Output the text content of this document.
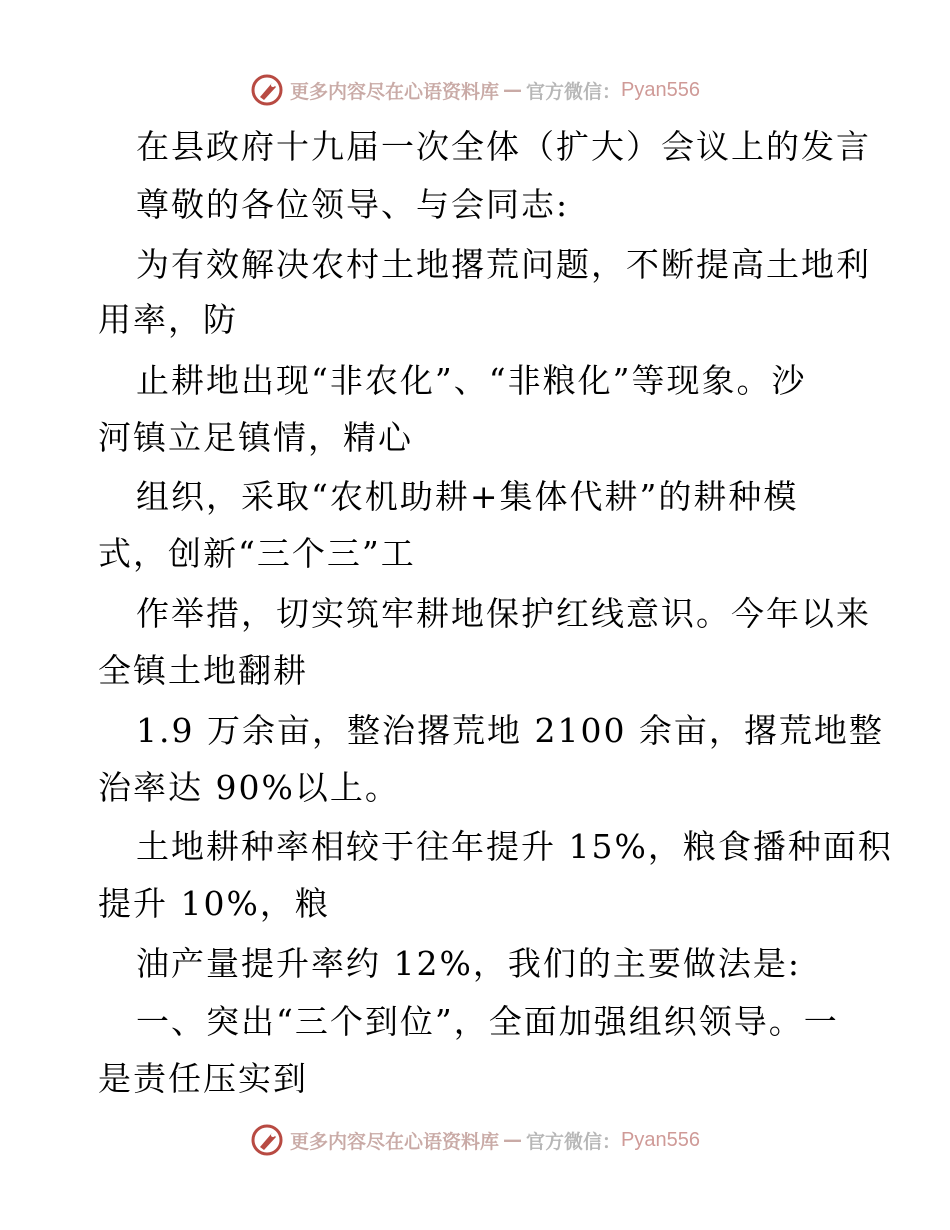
更多内容尽在心语资料库 — 官方微信： Pyan556
在县政府十九届一次全体（扩大）会议上的发言
尊敬的各位领导、与会同志:
为有效解决农村土地撂荒问题，不断提高土地利
用率，防
止耕地出现“非农化”、“非粮化”等现象。沙
河镇立足镇情，精心
组织，采取“农机助耕+集体代耕”的耕种模
式，创新“三个三”工
作举措，切实筑牢耕地保护红线意识。今年以来
全镇土地翻耕
1.9 万余亩，整治撂荒地 2100 余亩，撂荒地整
治率达 90%以上。
土地耕种率相较于往年提升 15%，粮食播种面积
提升 10%，粮
油产量提升率约 12%，我们的主要做法是:
一、突出“三个到位”，全面加强组织领导。一
是责任压实到
更多内容尽在心语资料库 — 官方微信： Pyan556
